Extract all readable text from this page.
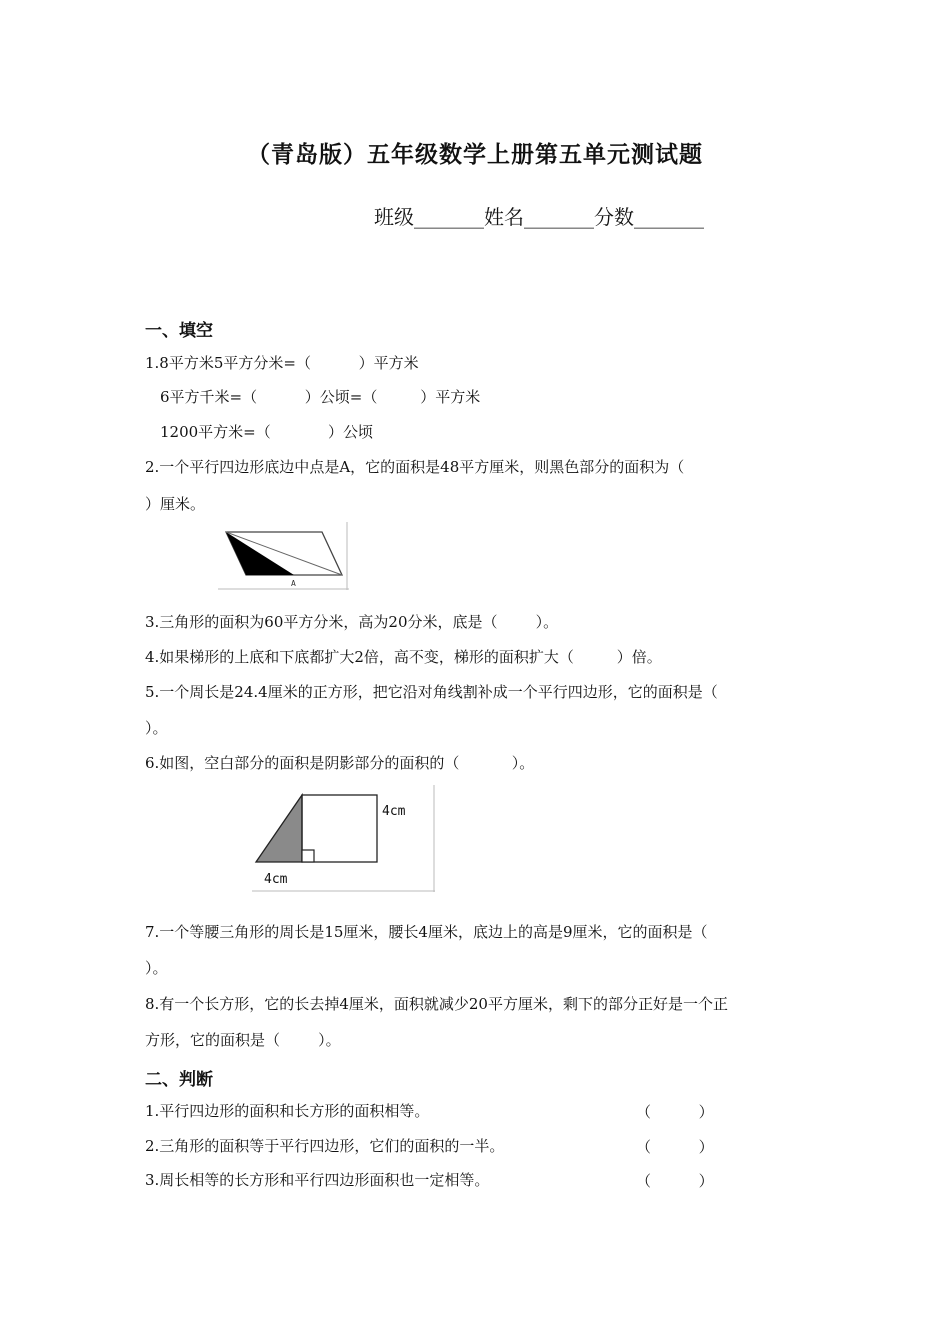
（青岛版）五年级数学上册第五单元测试题
班级_______姓名_______分数_______
一、填空
1.8平方米5平方分米=（          ）平方米
6平方千米=（          ）公顷=（         ）平方米
1200平方米=（            ）公顷
2.一个平行四边形底边中点是A，它的面积是48平方厘米，则黑色部分的面积为（
）厘米。
A
3.三角形的面积为60平方分米，高为20分米，底是（        ）。
4.如果梯形的上底和下底都扩大2倍，高不变，梯形的面积扩大（         ）倍。
5.一个周长是24.4厘米的正方形，把它沿对角线割补成一个平行四边形，它的面积是（
）。
6.如图，空白部分的面积是阴影部分的面积的（           ）。
4cm
4cm
7.一个等腰三角形的周长是15厘米，腰长4厘米，底边上的高是9厘米，它的面积是（
）。
8.有一个长方形，它的长去掉4厘米，面积就减少20平方厘米，剩下的部分正好是一个正
方形，它的面积是（        ）。
二、判断
1.平行四边形的面积和长方形的面积相等。	（          ）
2.三角形的面积等于平行四边形，它们的面积的一半。	（          ）
3.周长相等的长方形和平行四边形面积也一定相等。	（          ）
